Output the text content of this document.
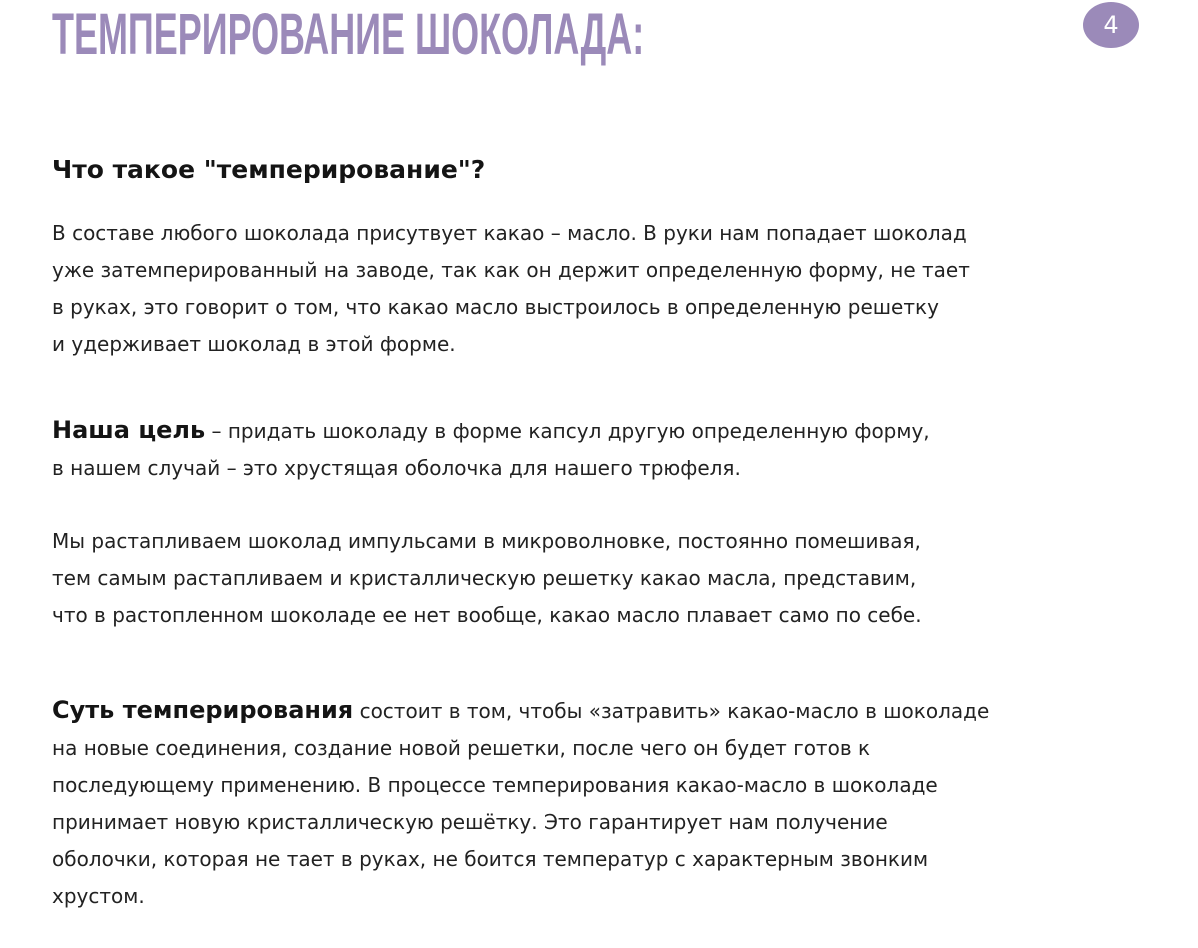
ТЕМПЕРИРОВАНИЕ ШОКОЛАДА:	4
Что такое "темперирование"?
В составе любого шоколада присутвует какао – масло. В руки нам попадает шоколад
уже затемперированный на заводе, так как он держит определенную форму, не тает
в руках, это говорит о том, что какао масло выстроилось в определенную решетку
и удерживает шоколад в этой форме.
Наша цель – придать шоколаду в форме капсул другую определенную форму,
в нашем случай – это хрустящая оболочка для нашего трюфеля.
Мы растапливаем шоколад импульсами в микроволновке, постоянно помешивая,
тем самым растапливаем и кристаллическую решетку какао масла, представим,
что в растопленном шоколаде ее нет вообще, какао масло плавает само по себе.
Суть темперирования состоит в том, чтобы «затравить» какао-масло в шоколаде
на новые соединения, создание новой решетки, после чего он будет готов к
последующему применению. В процессе темперирования какао-масло в шоколаде
принимает новую кристаллическую решётку. Это гарантирует нам получение
оболочки, которая не тает в руках, не боится температур с характерным звонким
хрустом.
